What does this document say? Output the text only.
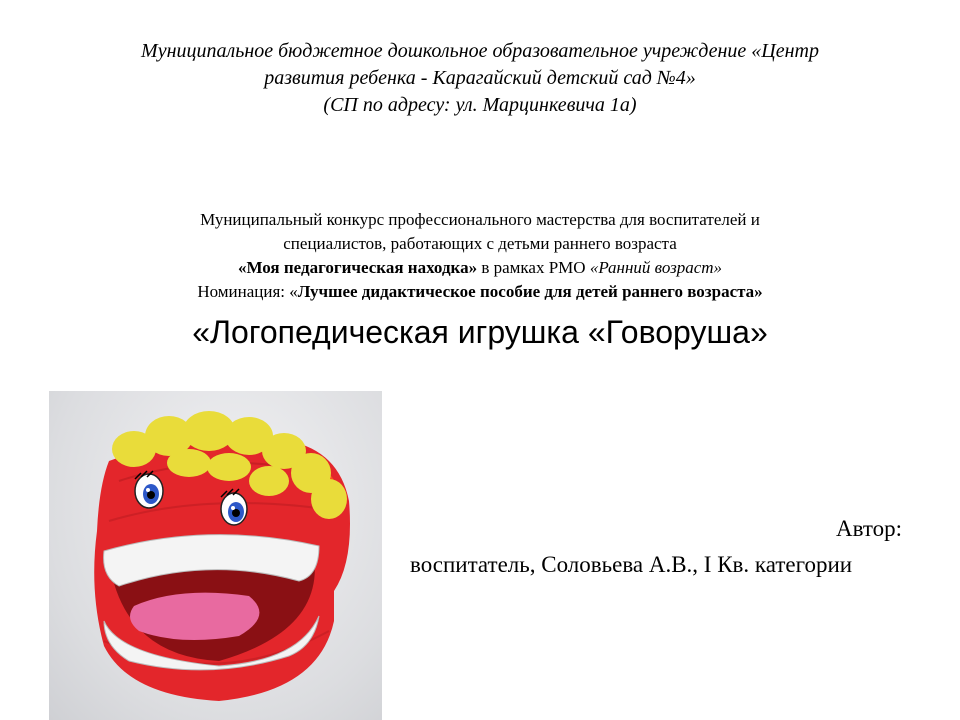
Муниципальное бюджетное дошкольное образовательное учреждение «Центр
развития ребенка - Карагайский детский сад №4»
(СП по адресу: ул. Марцинкевича 1а)
Муниципальный конкурс профессионального мастерства для воспитателей и
специалистов, работающих с детьми раннего возраста
«Моя педагогическая находка» в рамках РМО «Ранний возраст»
Номинация: «Лучшее дидактическое пособие для детей раннего возраста»
«Логопедическая игрушка «Говоруша»
Автор:
воспитатель, Соловьева А.В., I Кв. категории
